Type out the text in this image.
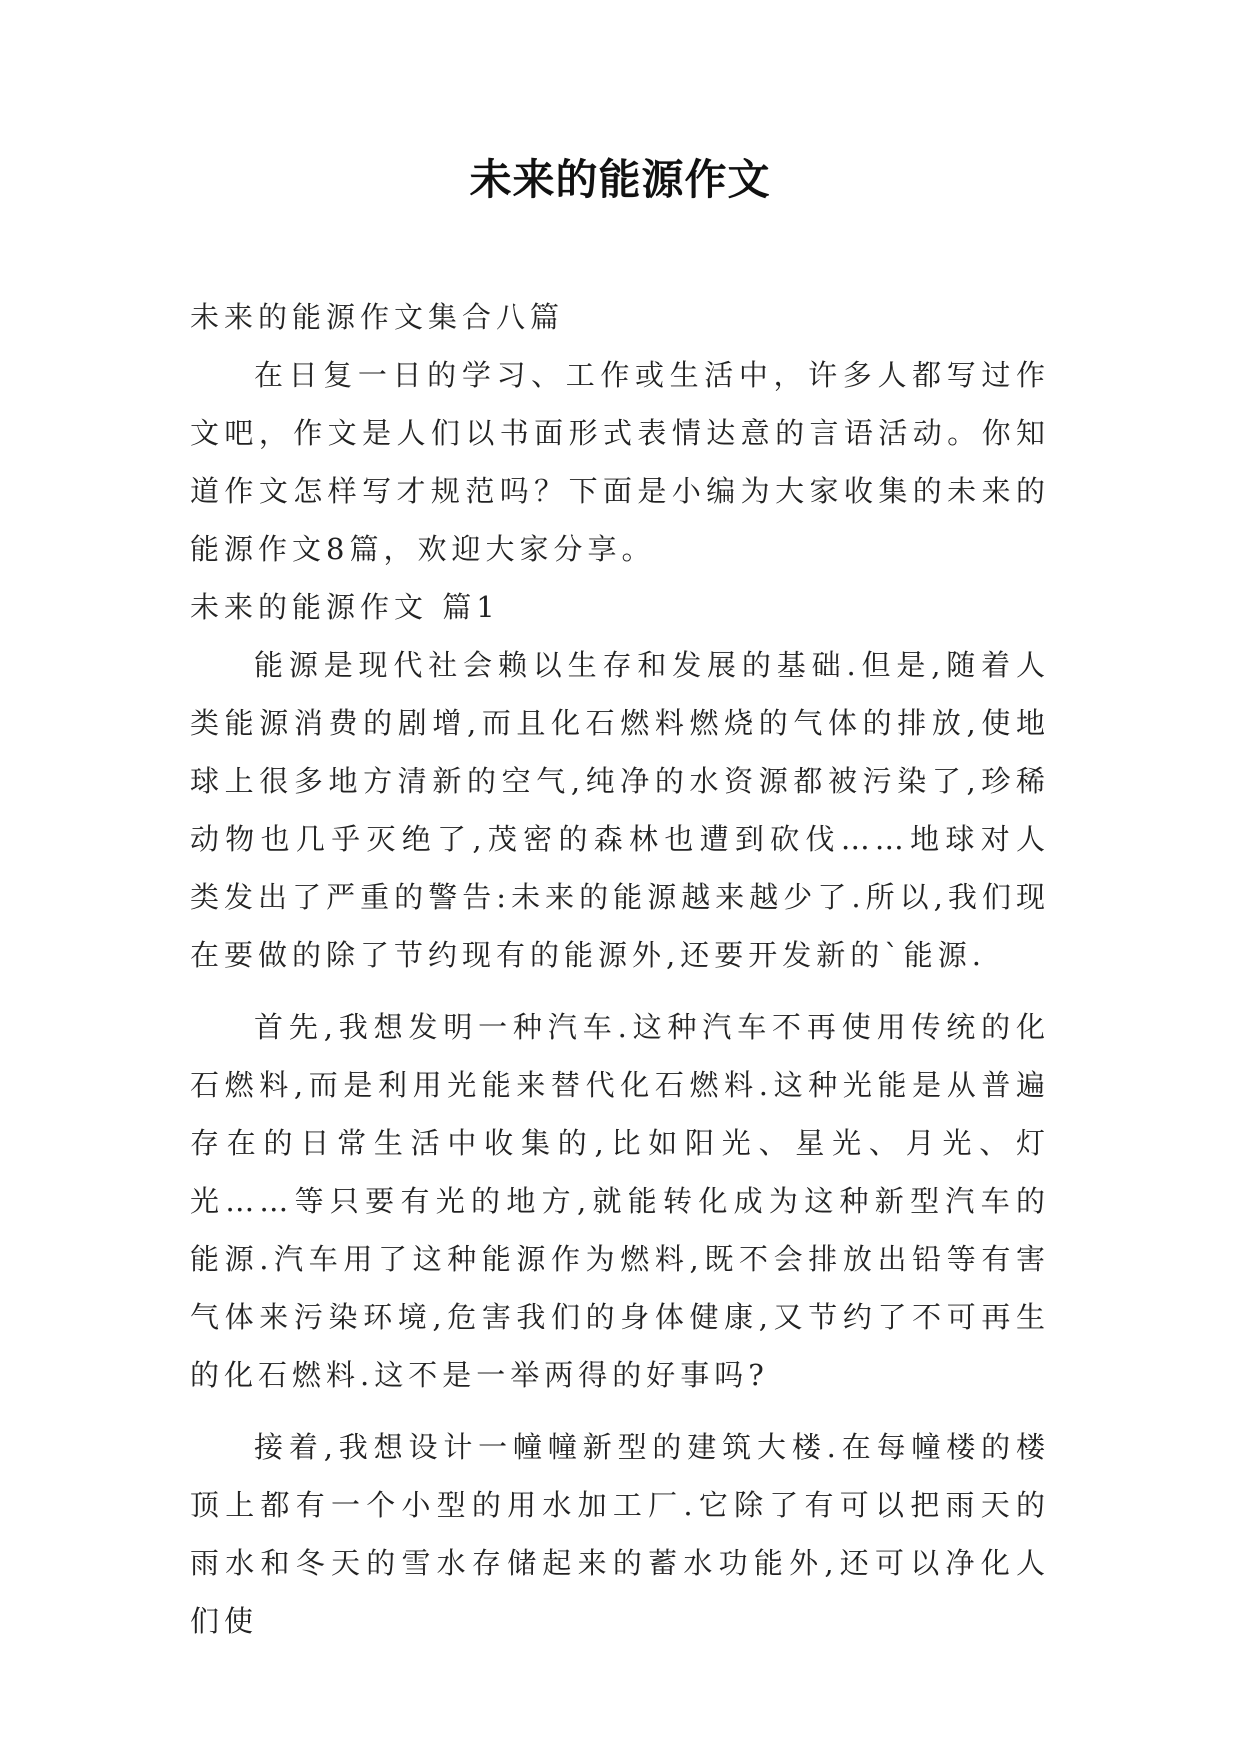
未来的能源作文

未来的能源作文集合八篇

在日复一日的学习、工作或生活中，许多人都写过作文吧，作文是人们以书面形式表情达意的言语活动。你知道作文怎样写才规范吗？下面是小编为大家收集的未来的能源作文8篇，欢迎大家分享。

未来的能源作文 篇1

能源是现代社会赖以生存和发展的基础.但是,随着人类能源消费的剧增,而且化石燃料燃烧的气体的排放,使地球上很多地方清新的空气,纯净的水资源都被污染了,珍稀动物也几乎灭绝了,茂密的森林也遭到砍伐……地球对人类发出了严重的警告:未来的能源越来越少了.所以,我们现在要做的除了节约现有的能源外,还要开发新的`能源.

首先,我想发明一种汽车.这种汽车不再使用传统的化石燃料,而是利用光能来替代化石燃料.这种光能是从普遍存在的日常生活中收集的,比如阳光、星光、月光、灯光……等只要有光的地方,就能转化成为这种新型汽车的能源.汽车用了这种能源作为燃料,既不会排放出铅等有害气体来污染环境,危害我们的身体健康,又节约了不可再生的化石燃料.这不是一举两得的好事吗?

接着,我想设计一幢幢新型的建筑大楼.在每幢楼的楼顶上都有一个小型的用水加工厂.它除了有可以把雨天的雨水和冬天的雪水存储起来的蓄水功能外,还可以净化人们使
